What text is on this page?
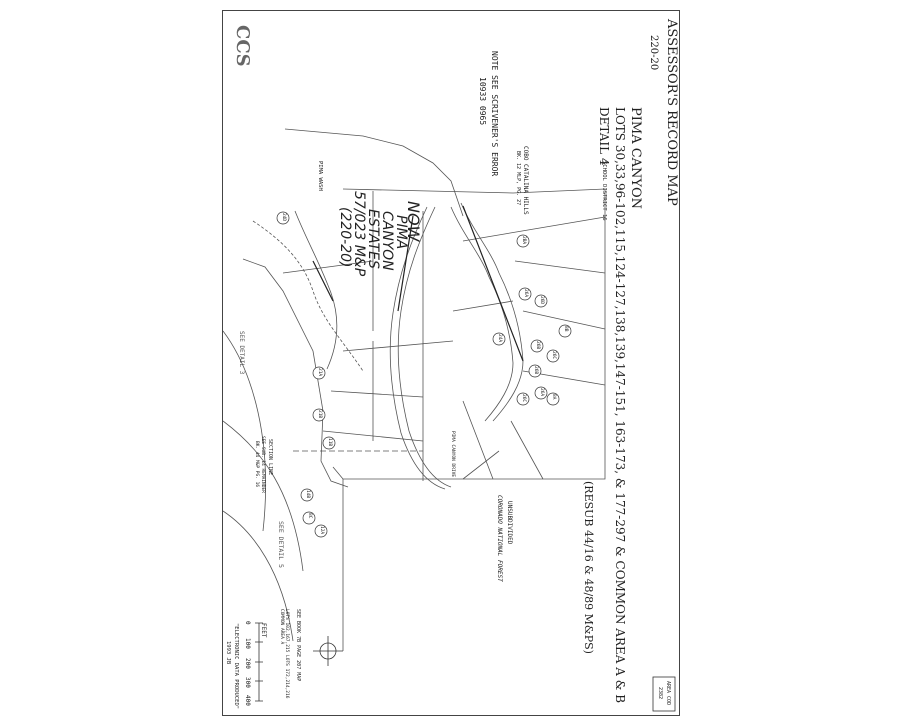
CCS	ASSESSOR'S RECORD MAP
220-20
PIMA CANYON
LOTS 30,33,96-102,115,124-127,138,139,147-151, 163-173, & 177-297 & COMMON AREA A & B
DETAIL 4
(RESUB 44/16 & 48/89 M&PS)
COBO CATALINA HILLS
BK. 12 MLP, PG. 27	SCHOOL DISTRICT 16
NOTE SEE SCRIVENER'S ERROR
10933 0965
NOW
PIMA
CANYON
ESTATES
57/023 M&P
(220-20)
PIMA WASH
SEE DETAIL 3
SECTION LINE
SEE SUB. 14 REMAINDER
BK. 44 M&P PG. 16
SEE DETAIL 5	UNSUBDIVIDED
CORONADO NATIONAL FOREST
PIMA CANYON DRIVE
24D
2BA
26A
26D
26B
26C
24A
26B
26C
26A
21A
21B
11B
14B
8C
12A
8B
8A
FEET
0
100
200
300
400
SEE BOOK 7B PAGE 207 MAP
LOTS 102,167,215 LOTS 172,214,216 COMMON AREA A
"ELECTRONIC DATA PRODUCED"
1993 JB
AREA COD
2382
